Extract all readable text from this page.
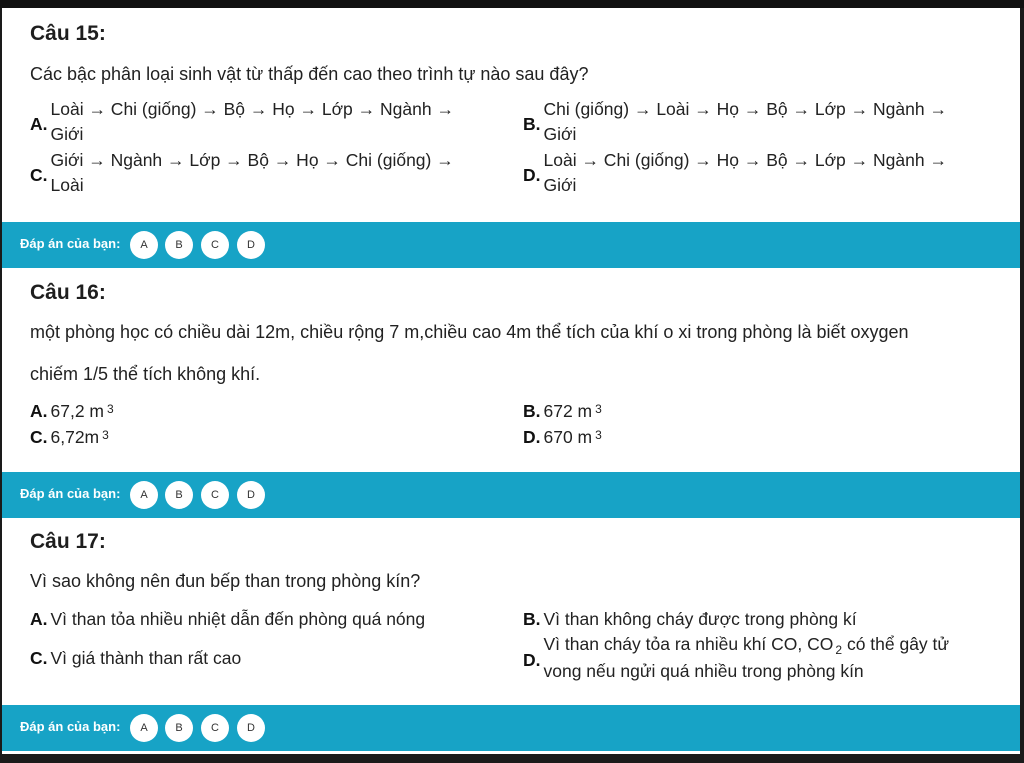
Câu 15:
Các bậc phân loại sinh vật từ thấp đến cao theo trình tự nào sau đây?
A.
Loài → Chi (giống) → Bộ → Họ → Lớp → Ngành →
Giới
B.
Chi (giống) → Loài → Họ → Bộ → Lớp → Ngành →
Giới
C.
Giới → Ngành → Lớp → Bộ → Họ → Chi (giống) →
Loài
D.
Loài → Chi (giống) → Họ → Bộ → Lớp → Ngành →
Giới
Đáp án của bạn:	A	B	C	D
Câu 16:
một phòng học có chiều dài 12m, chiều rộng 7 m,chiều cao 4m thể tích của khí o xi trong phòng là biết oxygen
chiếm 1/5 thể tích không khí.
A. 67,2 m $^3$	B. 672 m $^3$
C. 6,72m $^3$	D. 670 m $^3$
Đáp án của bạn:	A	B	C	D
Câu 17:
Vì sao không nên đun bếp than trong phòng kín?
A. Vì than tỏa nhiều nhiệt dẫn đến phòng quá nóng	B. Vì than không cháy được trong phòng kí
C. Vì giá thành than rất cao	D.
Vì than cháy tỏa ra nhiều khí CO, CO $_2$ có thể gây tử
vong nếu ngửi quá nhiều trong phòng kín
Đáp án của bạn:	A	B	C	D
